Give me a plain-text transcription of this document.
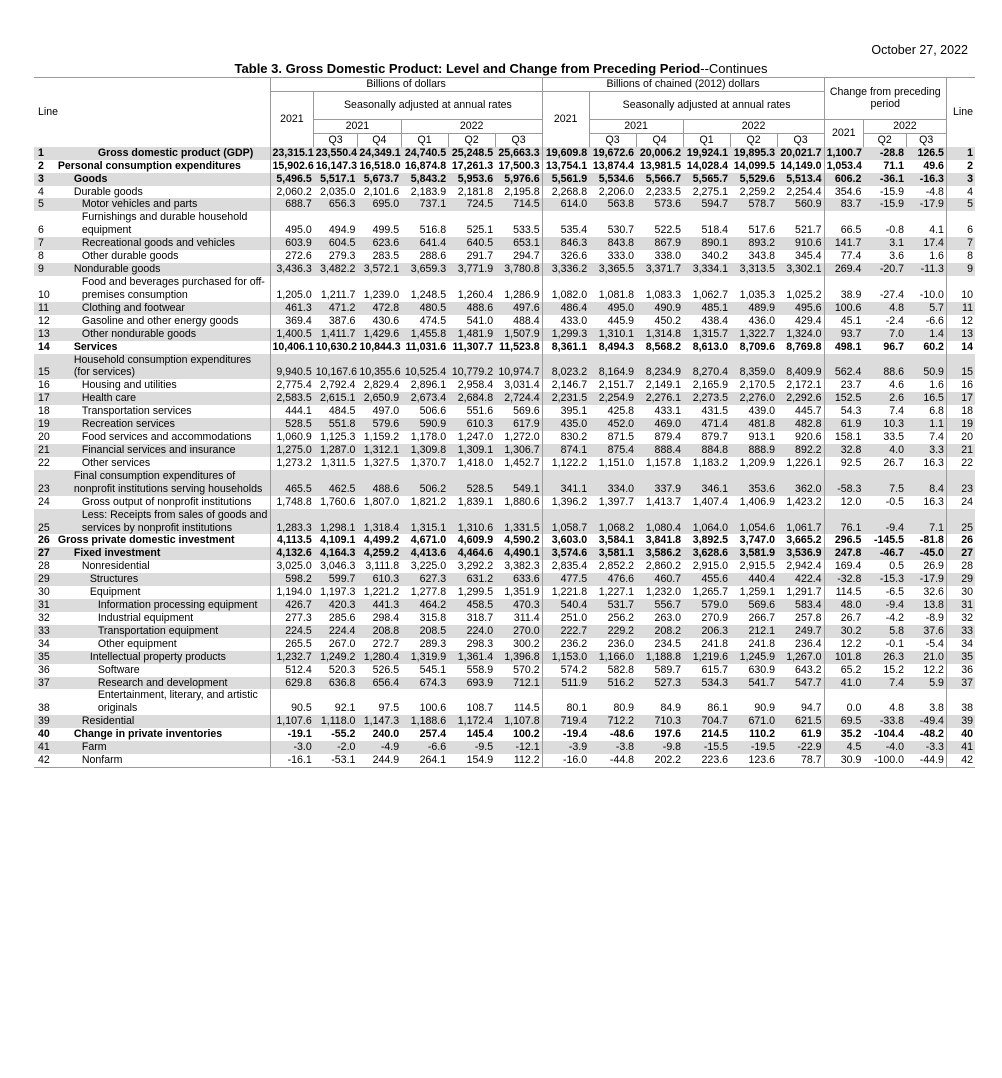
October 27, 2022
Table 3. Gross Domestic Product: Level and Change from Preceding Period--Continues
Line		Billions of dollars						Billions of chained (2012) dollars						Change from preceding period			Line
		2021	Seasonally adjusted at annual rates					2021	Seasonally adjusted at annual rates								
			2021		2022				2021		2022			2021	2022		
			Q3	Q4	Q1	Q2	Q3		Q3	Q4	Q1	Q2	Q3		Q2	Q3	
1	Gross domestic product (GDP)	23,315.1	23,550.4	24,349.1	24,740.5	25,248.5	25,663.3	19,609.8	19,672.6	20,006.2	19,924.1	19,895.3	20,021.7	1,100.7	-28.8	126.5	1
2	Personal consumption expenditures	15,902.6	16,147.3	16,518.0	16,874.8	17,261.3	17,500.3	13,754.1	13,874.4	13,981.5	14,028.4	14,099.5	14,149.0	1,053.4	71.1	49.6	2
3	Goods	5,496.5	5,517.1	5,673.7	5,843.2	5,953.6	5,976.6	5,561.9	5,534.6	5,566.7	5,565.7	5,529.6	5,513.4	606.2	-36.1	-16.3	3
4	Durable goods	2,060.2	2,035.0	2,101.6	2,183.9	2,181.8	2,195.8	2,268.8	2,206.0	2,233.5	2,275.1	2,259.2	2,254.4	354.6	-15.9	-4.8	4
5	Motor vehicles and parts	688.7	656.3	695.0	737.1	724.5	714.5	614.0	563.8	573.6	594.7	578.7	560.9	83.7	-15.9	-17.9	5
6	Furnishings and durable household equipment	495.0	494.9	499.5	516.8	525.1	533.5	535.4	530.7	522.5	518.4	517.6	521.7	66.5	-0.8	4.1	6
7	Recreational goods and vehicles	603.9	604.5	623.6	641.4	640.5	653.1	846.3	843.8	867.9	890.1	893.2	910.6	141.7	3.1	17.4	7
8	Other durable goods	272.6	279.3	283.5	288.6	291.7	294.7	326.6	333.0	338.0	340.2	343.8	345.4	77.4	3.6	1.6	8
9	Nondurable goods	3,436.3	3,482.2	3,572.1	3,659.3	3,771.9	3,780.8	3,336.2	3,365.5	3,371.7	3,334.1	3,313.5	3,302.1	269.4	-20.7	-11.3	9
10	Food and beverages purchased for off-premises consumption	1,205.0	1,211.7	1,239.0	1,248.5	1,260.4	1,286.9	1,082.0	1,081.8	1,083.3	1,062.7	1,035.3	1,025.2	38.9	-27.4	-10.0	10
11	Clothing and footwear	461.3	471.2	472.8	480.5	488.6	497.6	486.4	495.0	490.9	485.1	489.9	495.6	100.6	4.8	5.7	11
12	Gasoline and other energy goods	369.4	387.6	430.6	474.5	541.0	488.4	433.0	445.9	450.2	438.4	436.0	429.4	45.1	-2.4	-6.6	12
13	Other nondurable goods	1,400.5	1,411.7	1,429.6	1,455.8	1,481.9	1,507.9	1,299.3	1,310.1	1,314.8	1,315.7	1,322.7	1,324.0	93.7	7.0	1.4	13
14	Services	10,406.1	10,630.2	10,844.3	11,031.6	11,307.7	11,523.8	8,361.1	8,494.3	8,568.2	8,613.0	8,709.6	8,769.8	498.1	96.7	60.2	14
15	Household consumption expenditures (for services)	9,940.5	10,167.6	10,355.6	10,525.4	10,779.2	10,974.7	8,023.2	8,164.9	8,234.9	8,270.4	8,359.0	8,409.9	562.4	88.6	50.9	15
16	Housing and utilities	2,775.4	2,792.4	2,829.4	2,896.1	2,958.4	3,031.4	2,146.7	2,151.7	2,149.1	2,165.9	2,170.5	2,172.1	23.7	4.6	1.6	16
17	Health care	2,583.5	2,615.1	2,650.9	2,673.4	2,684.8	2,724.4	2,231.5	2,254.9	2,276.1	2,273.5	2,276.0	2,292.6	152.5	2.6	16.5	17
18	Transportation services	444.1	484.5	497.0	506.6	551.6	569.6	395.1	425.8	433.1	431.5	439.0	445.7	54.3	7.4	6.8	18
19	Recreation services	528.5	551.8	579.6	590.9	610.3	617.9	435.0	452.0	469.0	471.4	481.8	482.8	61.9	10.3	1.1	19
20	Food services and accommodations	1,060.9	1,125.3	1,159.2	1,178.0	1,247.0	1,272.0	830.2	871.5	879.4	879.7	913.1	920.6	158.1	33.5	7.4	20
21	Financial services and insurance	1,275.0	1,287.0	1,312.1	1,309.8	1,309.1	1,306.7	874.1	875.4	888.4	884.8	888.9	892.2	32.8	4.0	3.3	21
22	Other services	1,273.2	1,311.5	1,327.5	1,370.7	1,418.0	1,452.7	1,122.2	1,151.0	1,157.8	1,183.2	1,209.9	1,226.1	92.5	26.7	16.3	22
23	Final consumption expenditures of nonprofit institutions serving households	465.5	462.5	488.6	506.2	528.5	549.1	341.1	334.0	337.9	346.1	353.6	362.0	-58.3	7.5	8.4	23
24	Gross output of nonprofit institutions	1,748.8	1,760.6	1,807.0	1,821.2	1,839.1	1,880.6	1,396.2	1,397.7	1,413.7	1,407.4	1,406.9	1,423.2	12.0	-0.5	16.3	24
25	Less: Receipts from sales of goods and services by nonprofit institutions	1,283.3	1,298.1	1,318.4	1,315.1	1,310.6	1,331.5	1,058.7	1,068.2	1,080.4	1,064.0	1,054.6	1,061.7	76.1	-9.4	7.1	25
26	Gross private domestic investment	4,113.5	4,109.1	4,499.2	4,671.0	4,609.9	4,590.2	3,603.0	3,584.1	3,841.8	3,892.5	3,747.0	3,665.2	296.5	-145.5	-81.8	26
27	Fixed investment	4,132.6	4,164.3	4,259.2	4,413.6	4,464.6	4,490.1	3,574.6	3,581.1	3,586.2	3,628.6	3,581.9	3,536.9	247.8	-46.7	-45.0	27
28	Nonresidential	3,025.0	3,046.3	3,111.8	3,225.0	3,292.2	3,382.3	2,835.4	2,852.2	2,860.2	2,915.0	2,915.5	2,942.4	169.4	0.5	26.9	28
29	Structures	598.2	599.7	610.3	627.3	631.2	633.6	477.5	476.6	460.7	455.6	440.4	422.4	-32.8	-15.3	-17.9	29
30	Equipment	1,194.0	1,197.3	1,221.2	1,277.8	1,299.5	1,351.9	1,221.8	1,227.1	1,232.0	1,265.7	1,259.1	1,291.7	114.5	-6.5	32.6	30
31	Information processing equipment	426.7	420.3	441.3	464.2	458.5	470.3	540.4	531.7	556.7	579.0	569.6	583.4	48.0	-9.4	13.8	31
32	Industrial equipment	277.3	285.6	298.4	315.8	318.7	311.4	251.0	256.2	263.0	270.9	266.7	257.8	26.7	-4.2	-8.9	32
33	Transportation equipment	224.5	224.4	208.8	208.5	224.0	270.0	222.7	229.2	208.2	206.3	212.1	249.7	30.2	5.8	37.6	33
34	Other equipment	265.5	267.0	272.7	289.3	298.3	300.2	236.2	236.0	234.5	241.8	241.8	236.4	12.2	-0.1	-5.4	34
35	Intellectual property products	1,232.7	1,249.2	1,280.4	1,319.9	1,361.4	1,396.8	1,153.0	1,166.0	1,188.8	1,219.6	1,245.9	1,267.0	101.8	26.3	21.0	35
36	Software	512.4	520.3	526.5	545.1	558.9	570.2	574.2	582.8	589.7	615.7	630.9	643.2	65.2	15.2	12.2	36
37	Research and development	629.8	636.8	656.4	674.3	693.9	712.1	511.9	516.2	527.3	534.3	541.7	547.7	41.0	7.4	5.9	37
38	Entertainment, literary, and artistic originals	90.5	92.1	97.5	100.6	108.7	114.5	80.1	80.9	84.9	86.1	90.9	94.7	0.0	4.8	3.8	38
39	Residential	1,107.6	1,118.0	1,147.3	1,188.6	1,172.4	1,107.8	719.4	712.2	710.3	704.7	671.0	621.5	69.5	-33.8	-49.4	39
40	Change in private inventories	-19.1	-55.2	240.0	257.4	145.4	100.2	-19.4	-48.6	197.6	214.5	110.2	61.9	35.2	-104.4	-48.2	40
41	Farm	-3.0	-2.0	-4.9	-6.6	-9.5	-12.1	-3.9	-3.8	-9.8	-15.5	-19.5	-22.9	4.5	-4.0	-3.3	41
42	Nonfarm	-16.1	-53.1	244.9	264.1	154.9	112.2	-16.0	-44.8	202.2	223.6	123.6	78.7	30.9	-100.0	-44.9	42
